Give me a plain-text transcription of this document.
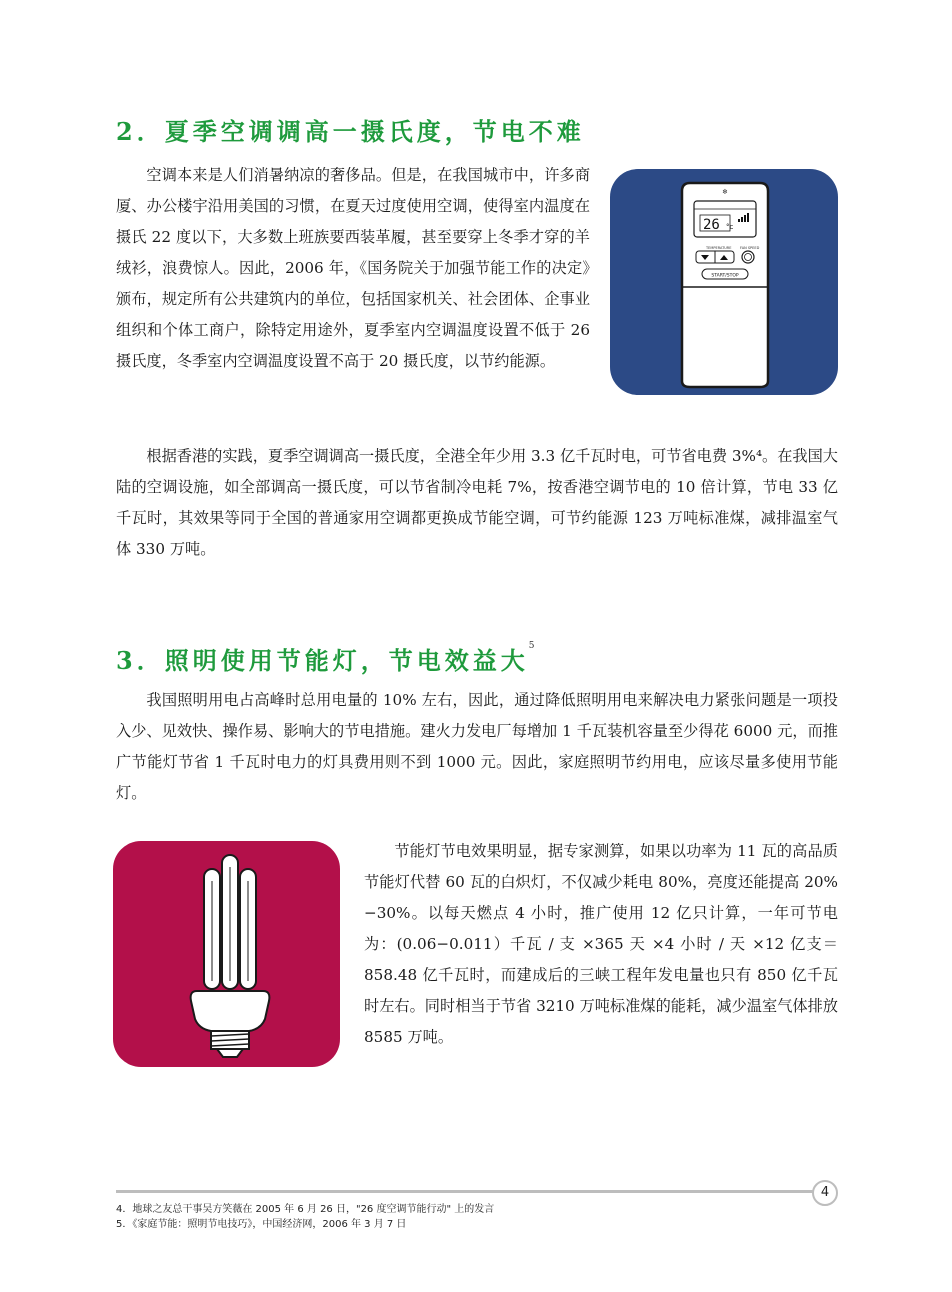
2．夏季空调调高一摄氏度，节电不难

空调本来是人们消暑纳凉的奢侈品。但是，在我国城市中，许多商厦、办公楼宇沿用美国的习惯，在夏天过度使用空调，使得室内温度在摄氏 22 度以下，大多数上班族要西装革履，甚至要穿上冬季才穿的羊绒衫，浪费惊人。因此，2006 年，《国务院关于加强节能工作的决定》颁布，规定所有公共建筑内的单位，包括国家机关、社会团体、企事业组织和个体工商户，除特定用途外，夏季室内空调温度设置不低于 26 摄氏度，冬季室内空调温度设置不高于 20 摄氏度，以节约能源。

❄
26 °c
TEMPERATURE FAN SPEED
START/STOP

根据香港的实践，夏季空调调高一摄氏度，全港全年少用 3.3 亿千瓦时电，可节省电费 3%⁴。在我国大陆的空调设施，如全部调高一摄氏度，可以节省制冷电耗 7%，按香港空调节电的 10 倍计算，节电 33 亿千瓦时，其效果等同于全国的普通家用空调都更换成节能空调，可节约能源 123 万吨标准煤，减排温室气体 330 万吨。

3．照明使用节能灯，节电效益大$^5$

我国照明用电占高峰时总用电量的 10% 左右，因此，通过降低照明用电来解决电力紧张问题是一项投入少、见效快、操作易、影响大的节电措施。建火力发电厂每增加 1 千瓦装机容量至少得花 6000 元，而推广节能灯节省 1 千瓦时电力的灯具费用则不到 1000 元。因此，家庭照明节约用电，应该尽量多使用节能灯。

节能灯节电效果明显，据专家测算，如果以功率为 11 瓦的高品质节能灯代替 60 瓦的白炽灯，不仅减少耗电 80%，亮度还能提高 20% −30%。以每天燃点 4 小时，推广使用 12 亿只计算，一年可节电为：(0.06−0.011）千瓦 / 支 ×365 天 ×4 小时 / 天 ×12 亿支＝ 858.48 亿千瓦时，而建成后的三峡工程年发电量也只有 850 亿千瓦时左右。同时相当于节省 3210 万吨标准煤的能耗，减少温室气体排放 8585 万吨。

4
4．地球之友总干事吴方笑薇在 2005 年 6 月 26 日，"26 度空调节能行动" 上的发言
5．《家庭节能：照明节电技巧》，中国经济网，2006 年 3 月 7 日
